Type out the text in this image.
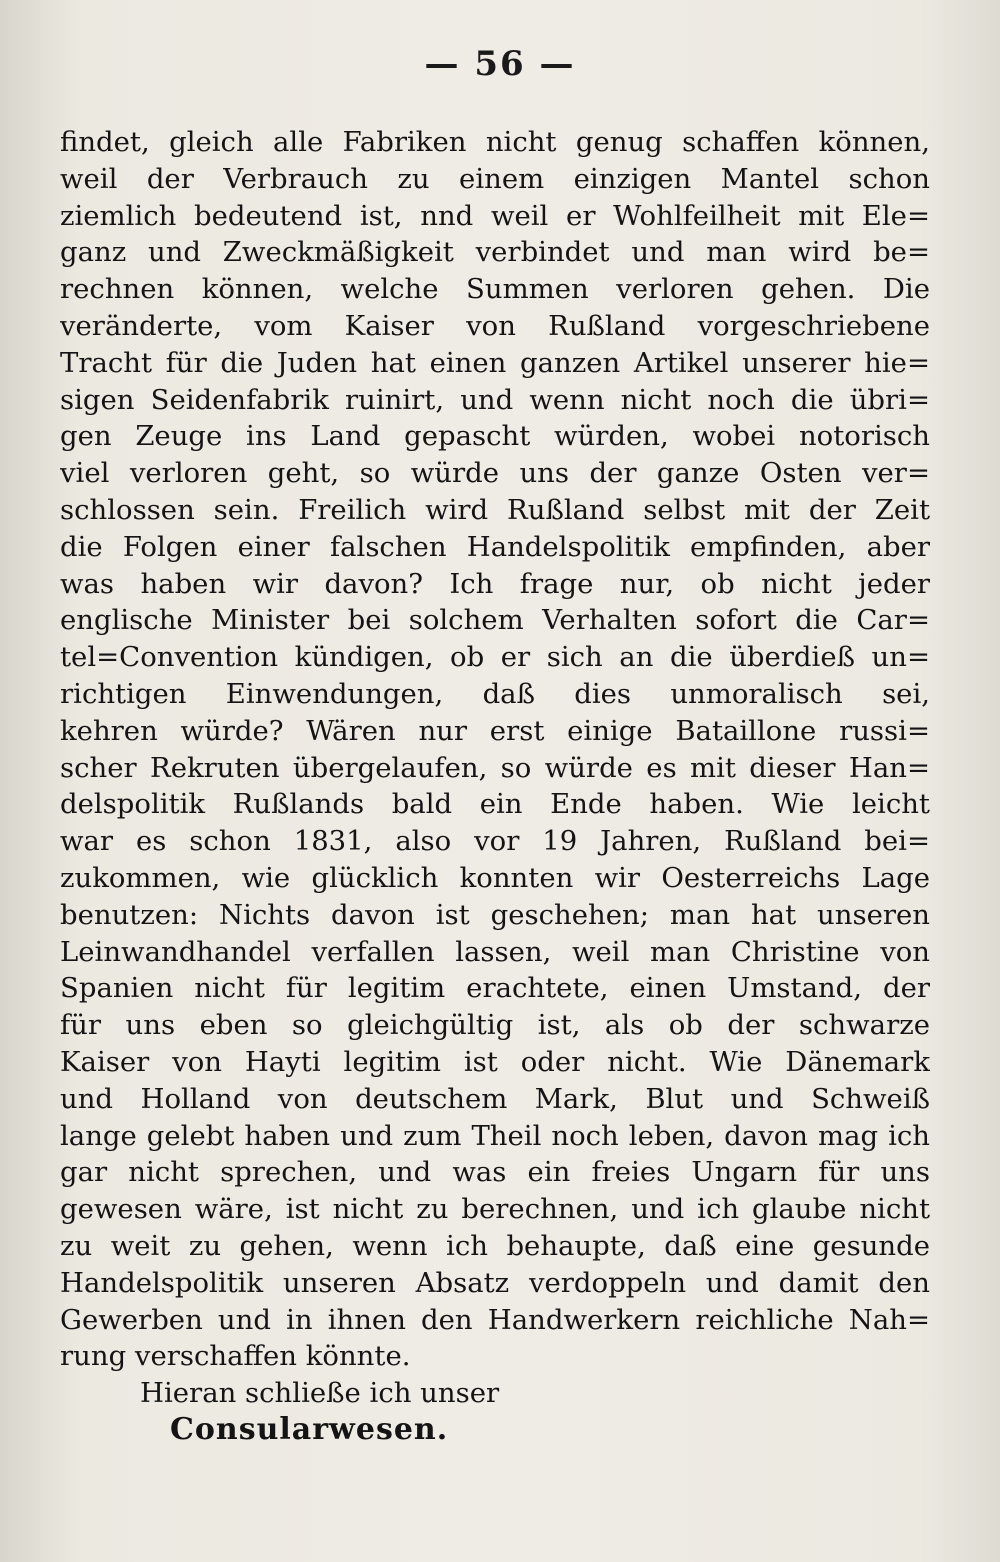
— 56 —
findet, gleich alle Fabriken nicht genug schaffen können,
weil der Verbrauch zu einem einzigen Mantel schon
ziemlich bedeutend ist, nnd weil er Wohlfeilheit mit Ele=
ganz und Zweckmäßigkeit verbindet und man wird be=
rechnen können, welche Summen verloren gehen. Die
veränderte, vom Kaiser von Rußland vorgeschriebene
Tracht für die Juden hat einen ganzen Artikel unserer hie=
sigen Seidenfabrik ruinirt, und wenn nicht noch die übri=
gen Zeuge ins Land gepascht würden, wobei notorisch
viel verloren geht, so würde uns der ganze Osten ver=
schlossen sein. Freilich wird Rußland selbst mit der Zeit
die Folgen einer falschen Handelspolitik empfinden, aber
was haben wir davon? Ich frage nur, ob nicht jeder
englische Minister bei solchem Verhalten sofort die Car=
tel=Convention kündigen, ob er sich an die überdieß un=
richtigen Einwendungen, daß dies unmoralisch sei,
kehren würde? Wären nur erst einige Bataillone russi=
scher Rekruten übergelaufen, so würde es mit dieser Han=
delspolitik Rußlands bald ein Ende haben. Wie leicht
war es schon 1831, also vor 19 Jahren, Rußland bei=
zukommen, wie glücklich konnten wir Oesterreichs Lage
benutzen: Nichts davon ist geschehen; man hat unseren
Leinwandhandel verfallen lassen, weil man Christine von
Spanien nicht für legitim erachtete, einen Umstand, der
für uns eben so gleichgültig ist, als ob der schwarze
Kaiser von Hayti legitim ist oder nicht. Wie Dänemark
und Holland von deutschem Mark, Blut und Schweiß
lange gelebt haben und zum Theil noch leben, davon mag ich
gar nicht sprechen, und was ein freies Ungarn für uns
gewesen wäre, ist nicht zu berechnen, und ich glaube nicht
zu weit zu gehen, wenn ich behaupte, daß eine gesunde
Handelspolitik unseren Absatz verdoppeln und damit den
Gewerben und in ihnen den Handwerkern reichliche Nah=
rung verschaffen könnte.
Hieran schließe ich unser
Consularwesen.
